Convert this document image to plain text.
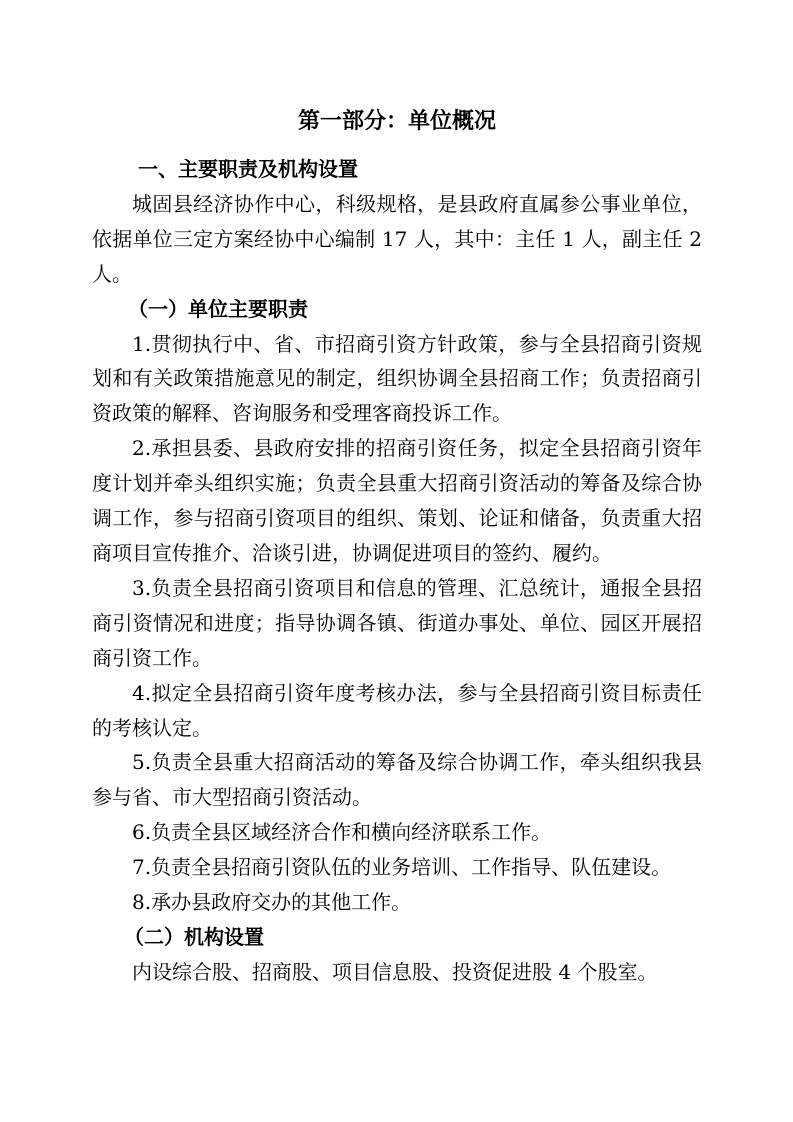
第一部分：单位概况
一、主要职责及机构设置

城固县经济协作中心，科级规格，是县政府直属参公事业单位，依据单位三定方案经协中心编制 17 人，其中：主任 1 人，副主任 2 人。

（一）单位主要职责

1.贯彻执行中、省、市招商引资方针政策，参与全县招商引资规划和有关政策措施意见的制定，组织协调全县招商工作；负责招商引资政策的解释、咨询服务和受理客商投诉工作。

2.承担县委、县政府安排的招商引资任务，拟定全县招商引资年度计划并牵头组织实施；负责全县重大招商引资活动的筹备及综合协调工作，参与招商引资项目的组织、策划、论证和储备，负责重大招商项目宣传推介、洽谈引进，协调促进项目的签约、履约。

3.负责全县招商引资项目和信息的管理、汇总统计，通报全县招商引资情况和进度；指导协调各镇、街道办事处、单位、园区开展招商引资工作。

4.拟定全县招商引资年度考核办法，参与全县招商引资目标责任的考核认定。

5.负责全县重大招商活动的筹备及综合协调工作，牵头组织我县参与省、市大型招商引资活动。

6.负责全县区域经济合作和横向经济联系工作。

7.负责全县招商引资队伍的业务培训、工作指导、队伍建设。

8.承办县政府交办的其他工作。

（二）机构设置

内设综合股、招商股、项目信息股、投资促进股 4 个股室。
